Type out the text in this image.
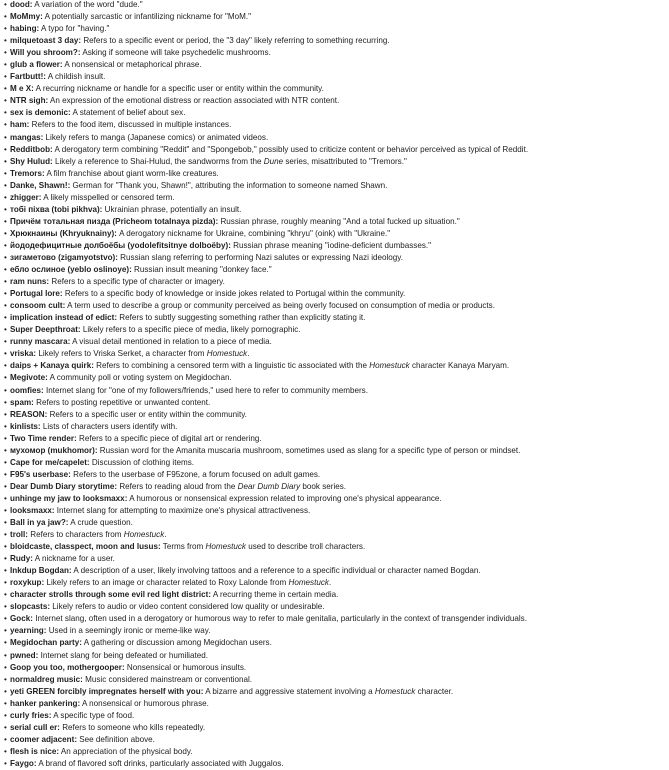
• dood: A variation of the word "dude."
• MoMmy: A potentially sarcastic or infantilizing nickname for "MoM."
• habing: A typo for "having."
• milquetoast 3 day: Refers to a specific event or period, the "3 day" likely referring to something recurring.
• Will you shroom?: Asking if someone will take psychedelic mushrooms.
• glub a flower: A nonsensical or metaphorical phrase.
• Fartbutt!: A childish insult.
• M e X: A recurring nickname or handle for a specific user or entity within the community.
• NTR sigh: An expression of the emotional distress or reaction associated with NTR content.
• sex is demonic: A statement of belief about sex.
• ham: Refers to the food item, discussed in multiple instances.
• mangas: Likely refers to manga (Japanese comics) or animated videos.
• Redditbob: A derogatory term combining "Reddit" and "Spongebob," possibly used to criticize content or behavior perceived as typical of Reddit.
• Shy Hulud: Likely a reference to Shai-Hulud, the sandworms from the Dune series, misattributed to "Tremors."
• Tremors: A film franchise about giant worm-like creatures.
• Danke, Shawn!: German for "Thank you, Shawn!", attributing the information to someone named Shawn.
• zhigger: A likely misspelled or censored term.
• тобі піхва (tobi pikhva): Ukrainian phrase, potentially an insult.
• Причём тотальная пизда (Pricheom totalnaya pizda): Russian phrase, roughly meaning "And a total fucked up situation."
• Хрюкнаины (Khryuknainy): A derogatory nickname for Ukraine, combining "khryu" (oink) with "Ukraine."
• йододефицитные долбоёбы (yodolefitsitnye dolboëby): Russian phrase meaning "iodine-deficient dumbasses."
• зигаметово (zigamyotstvo): Russian slang referring to performing Nazi salutes or expressing Nazi ideology.
• ебло ослиное (yeblo oslinoye): Russian insult meaning "donkey face."
• ram nuns: Refers to a specific type of character or imagery.
• Portugal lore: Refers to a specific body of knowledge or inside jokes related to Portugal within the community.
• consoom cult: A term used to describe a group or community perceived as being overly focused on consumption of media or products.
• implication instead of edict: Refers to subtly suggesting something rather than explicitly stating it.
• Super Deepthroat: Likely refers to a specific piece of media, likely pornographic.
• runny mascara: A visual detail mentioned in relation to a piece of media.
• vriska: Likely refers to Vriska Serket, a character from Homestuck.
• daips + Kanaya quirk: Refers to combining a censored term with a linguistic tic associated with the Homestuck character Kanaya Maryam.
• Megivote: A community poll or voting system on Megidochan.
• oomfies: Internet slang for "one of my followers/friends," used here to refer to community members.
• spam: Refers to posting repetitive or unwanted content.
• REASON: Refers to a specific user or entity within the community.
• kinlists: Lists of characters users identify with.
• Two Time render: Refers to a specific piece of digital art or rendering.
• мухомор (mukhomor): Russian word for the Amanita muscaria mushroom, sometimes used as slang for a specific type of person or mindset.
• Cape for me/capelet: Discussion of clothing items.
• F95's userbase: Refers to the userbase of F95zone, a forum focused on adult games.
• Dear Dumb Diary storytime: Refers to reading aloud from the Dear Dumb Diary book series.
• unhinge my jaw to looksmaxx: A humorous or nonsensical expression related to improving one's physical appearance.
• looksmaxx: Internet slang for attempting to maximize one's physical attractiveness.
• Ball in ya jaw?: A crude question.
• troll: Refers to characters from Homestuck.
• bloidcaste, classpect, moon and lusus: Terms from Homestuck used to describe troll characters.
• Rudy: A nickname for a user.
• Inkdup Bogdan: A description of a user, likely involving tattoos and a reference to a specific individual or character named Bogdan.
• roxykup: Likely refers to an image or character related to Roxy Lalonde from Homestuck.
• character strolls through some evil red light district: A recurring theme in certain media.
• slopcasts: Likely refers to audio or video content considered low quality or undesirable.
• Gock: Internet slang, often used in a derogatory or humorous way to refer to male genitalia, particularly in the context of transgender individuals.
• yearning: Used in a seemingly ironic or meme-like way.
• Megidochan party: A gathering or discussion among Megidochan users.
• pwned: Internet slang for being defeated or humiliated.
• Goop you too, mothergooper: Nonsensical or humorous insults.
• normaldreg music: Music considered mainstream or conventional.
• yeti GREEN forcibly impregnates herself with you: A bizarre and aggressive statement involving a Homestuck character.
• hanker pankering: A nonsensical or humorous phrase.
• curly fries: A specific type of food.
• serial cull er: Refers to someone who kills repeatedly.
• coomer adjacent: See definition above.
• flesh is nice: An appreciation of the physical body.
• Faygo: A brand of flavored soft drinks, particularly associated with Juggalos.
